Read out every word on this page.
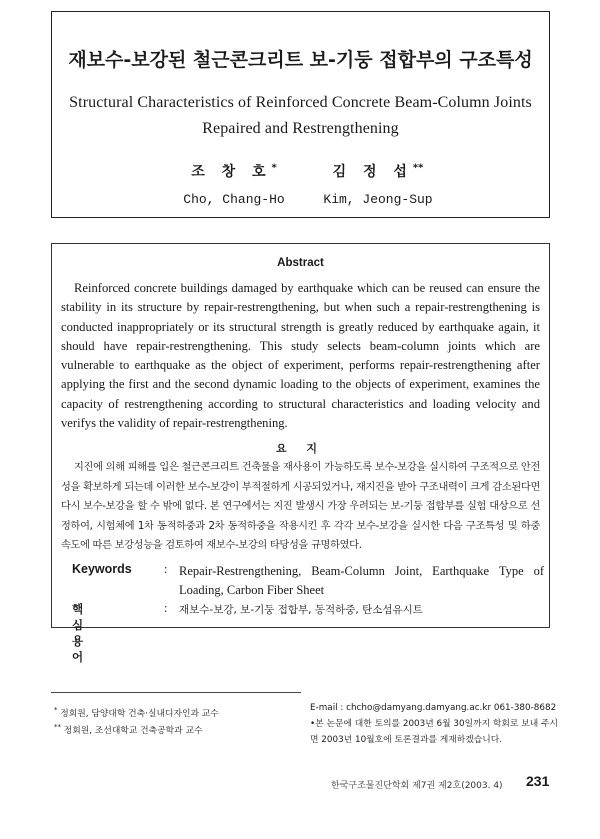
재보수-보강된 철근콘크리트 보-기둥 접합부의 구조특성
Structural Characteristics of Reinforced Concrete Beam-Column Joints
Repaired and Restrengthening
조 창 호*
Cho, Chang-Ho
김 정 섭**
Kim, Jeong-Sup
Abstract
Reinforced concrete buildings damaged by earthquake which can be reused can ensure the stability in its structure by repair-restrengthening, but when such a repair-restrengthening is conducted inappropriately or its structural strength is greatly reduced by earthquake again, it should have repair-restrengthening. This study selects beam-column joints which are vulnerable to earthquake as the object of experiment, performs repair-restrengthening after applying the first and the second dynamic loading to the objects of experiment, examines the capacity of restrengthening according to structural characteristics and loading velocity and verifys the validity of repair-restrengthening.
요 지
지진에 의해 피해를 입은 철근콘크리트 건축물을 재사용이 가능하도록 보수-보강을 실시하여 구조적으로 안전성을 확보하게 되는데 이러한 보수-보강이 부적절하게 시공되었거나, 재지진을 받아 구조내력이 크게 감소된다면 다시 보수-보강을 할 수 밖에 없다. 본 연구에서는 지진 발생시 가장 우려되는 보-기둥 접합부를 실험 대상으로 선정하여, 시험체에 1차 동적하중과 2차 동적하중을 작용시킨 후 각각 보수-보강을 실시한 다음 구조특성 및 하중속도에 따른 보강성능을 검토하여 재보수-보강의 타당성을 규명하였다.
Keywords	: Repair-Restrengthening, Beam-Column Joint, Earthquake Type of Loading, Carbon Fiber Sheet
핵심용어
: 재보수-보강, 보-기둥 접합부, 동적하중, 탄소섬유시트
* 정회원, 담양대학 건축·실내디자인과 교수
** 정회원, 조선대학교 건축공학과 교수
E-mail : chcho@damyang.damyang.ac.kr 061-380-8682
•본 논문에 대한 토의를 2003년 6월 30일까지 학회로 보내 주시면 2003년 10월호에 토론결과를 게재하겠습니다.
한국구조물진단학회 제7권 제2호(2003. 4) 231
